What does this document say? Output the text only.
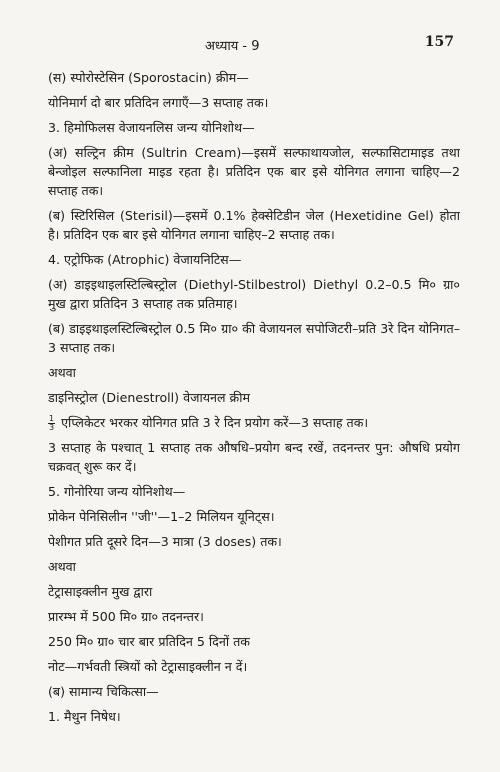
अध्याय - 9	157

(स) स्पोरोस्टेसिन (Sporostacin) क्रीम—

योनिमार्ग दो बार प्रतिदिन लगाएँ—3 सप्ताह तक।

3. हिमोफिलस वेजायनलिस जन्य योनिशोथ—

(अ) सल्ट्रिन क्रीम (Sultrin Cream)—इसमें सल्फाथायजोल, सल्फासिटामाइड तथा बेन्जोइल सल्फानिला माइड रहता है। प्रतिदिन एक बार इसे योनिगत लगाना चाहिए—2 सप्ताह तक।

(ब) स्टिरिसिल (Sterisil)—इसमें 0.1% हेक्सेटिडीन जेल (Hexetidine Gel) होता है। प्रतिदिन एक बार इसे योनिगत लगाना चाहिए–2 सप्ताह तक।

4. एट्रोफिक (Atrophic) वेजायनिटिस—

(अ) डाइइथाइलस्टिल्बिस्ट्रोल (Diethyl-Stilbestrol) Diethyl 0.2–0.5 मि० ग्रा० मुख द्वारा प्रतिदिन 3 सप्ताह तक प्रतिमाह।

(ब) डाइइथाइलस्टिल्बिस्ट्रोल 0.5 मि० ग्रा० की वेजायनल सपोजिटरी–प्रति 3रे दिन योनिगत–3 सप्ताह तक।

अथवा

डाइनिस्ट्रोल (Dienestroll) वेजायनल क्रीम

$\frac{1}{3}$ एप्लिकेटर भरकर योनिगत प्रति 3 रे दिन प्रयोग करें—3 सप्ताह तक।

3 सप्ताह के पश्चात् 1 सप्ताह तक औषधि–प्रयोग बन्द रखें, तदनन्तर पुन: औषधि प्रयोग चक्रवत् शुरू कर दें।

5. गोनोरिया जन्य योनिशोथ—

प्रोकेन पेनिसिलीन ''जी''—1–2 मिलियन यूनिट्स।

पेशीगत प्रति दूसरे दिन—3 मात्रा (3 doses) तक।

अथवा

टेट्रासाइक्लीन मुख द्वारा

प्रारम्भ में 500 मि० ग्रा० तदनन्तर।

250 मि० ग्रा० चार बार प्रतिदिन 5 दिनों तक

नोट—गर्भवती स्त्रियों को टेट्रासाइक्लीन न दें।

(ब) सामान्य चिकित्सा—

1. मैथुन निषेध।
